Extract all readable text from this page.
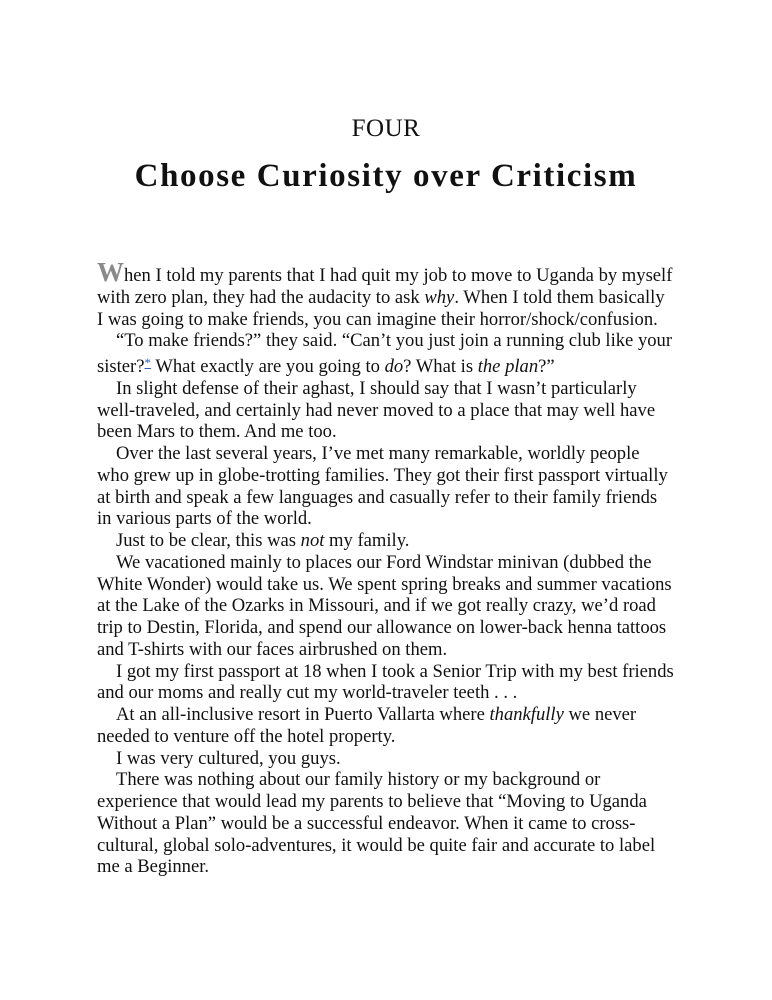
FOUR
Choose Curiosity over Criticism

When I told my parents that I had quit my job to move to Uganda by myself with zero plan, they had the audacity to ask why. When I told them basically I was going to make friends, you can imagine their horror/shock/confusion.

“To make friends?” they said. “Can’t you just join a running club like your sister?* What exactly are you going to do? What is the plan?”

In slight defense of their aghast, I should say that I wasn’t particularly well-traveled, and certainly had never moved to a place that may well have been Mars to them. And me too.

Over the last several years, I’ve met many remarkable, worldly people who grew up in globe-trotting families. They got their first passport virtually at birth and speak a few languages and casually refer to their family friends in various parts of the world.

Just to be clear, this was not my family.

We vacationed mainly to places our Ford Windstar minivan (dubbed the White Wonder) would take us. We spent spring breaks and summer vacations at the Lake of the Ozarks in Missouri, and if we got really crazy, we’d road trip to Destin, Florida, and spend our allowance on lower-back henna tattoos and T-shirts with our faces airbrushed on them.

I got my first passport at 18 when I took a Senior Trip with my best friends and our moms and really cut my world-traveler teeth . . .

At an all-inclusive resort in Puerto Vallarta where thankfully we never needed to venture off the hotel property.

I was very cultured, you guys.

There was nothing about our family history or my background or experience that would lead my parents to believe that “Moving to Uganda Without a Plan” would be a successful endeavor. When it came to cross-cultural, global solo-adventures, it would be quite fair and accurate to label me a Beginner.
